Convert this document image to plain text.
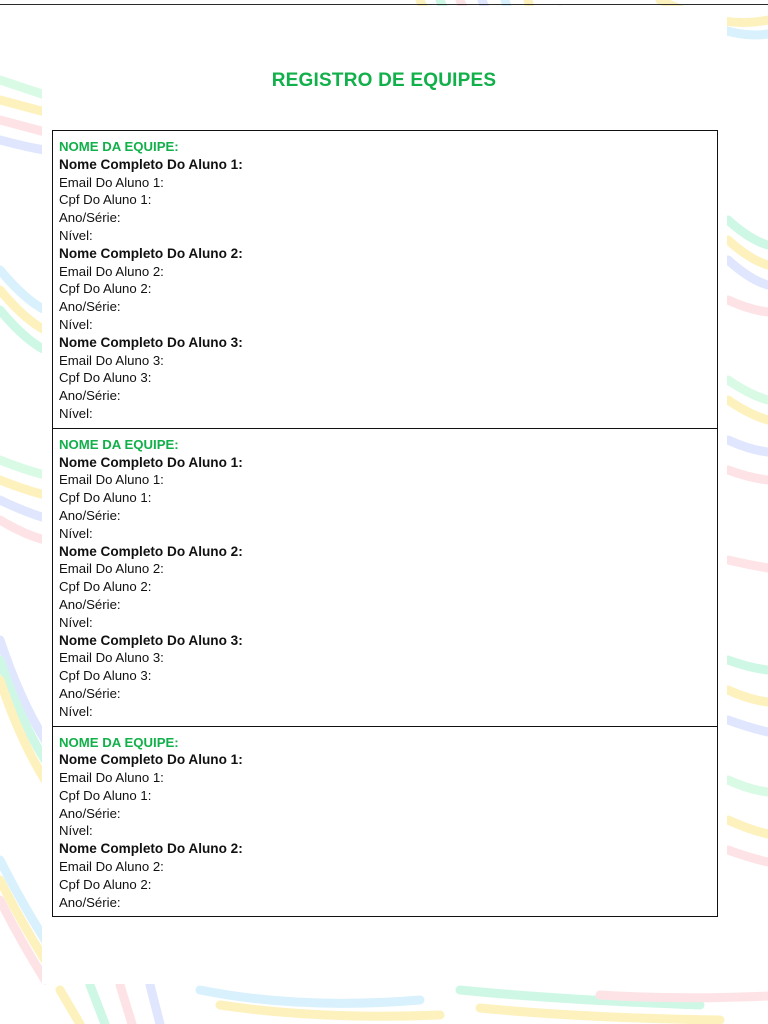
REGISTRO DE EQUIPES
NOME DA EQUIPE:
Nome Completo Do Aluno 1:
Email Do Aluno 1:
Cpf Do Aluno 1:
Ano/Série:
Nível:
Nome Completo Do Aluno 2:
Email Do Aluno 2:
Cpf Do Aluno 2:
Ano/Série:
Nível:
Nome Completo Do Aluno 3:
Email Do Aluno 3:
Cpf Do Aluno 3:
Ano/Série:
Nível:
NOME DA EQUIPE:
Nome Completo Do Aluno 1:
Email Do Aluno 1:
Cpf Do Aluno 1:
Ano/Série:
Nível:
Nome Completo Do Aluno 2:
Email Do Aluno 2:
Cpf Do Aluno 2:
Ano/Série:
Nível:
Nome Completo Do Aluno 3:
Email Do Aluno 3:
Cpf Do Aluno 3:
Ano/Série:
Nível:
NOME DA EQUIPE:
Nome Completo Do Aluno 1:
Email Do Aluno 1:
Cpf Do Aluno 1:
Ano/Série:
Nível:
Nome Completo Do Aluno 2:
Email Do Aluno 2:
Cpf Do Aluno 2:
Ano/Série:
